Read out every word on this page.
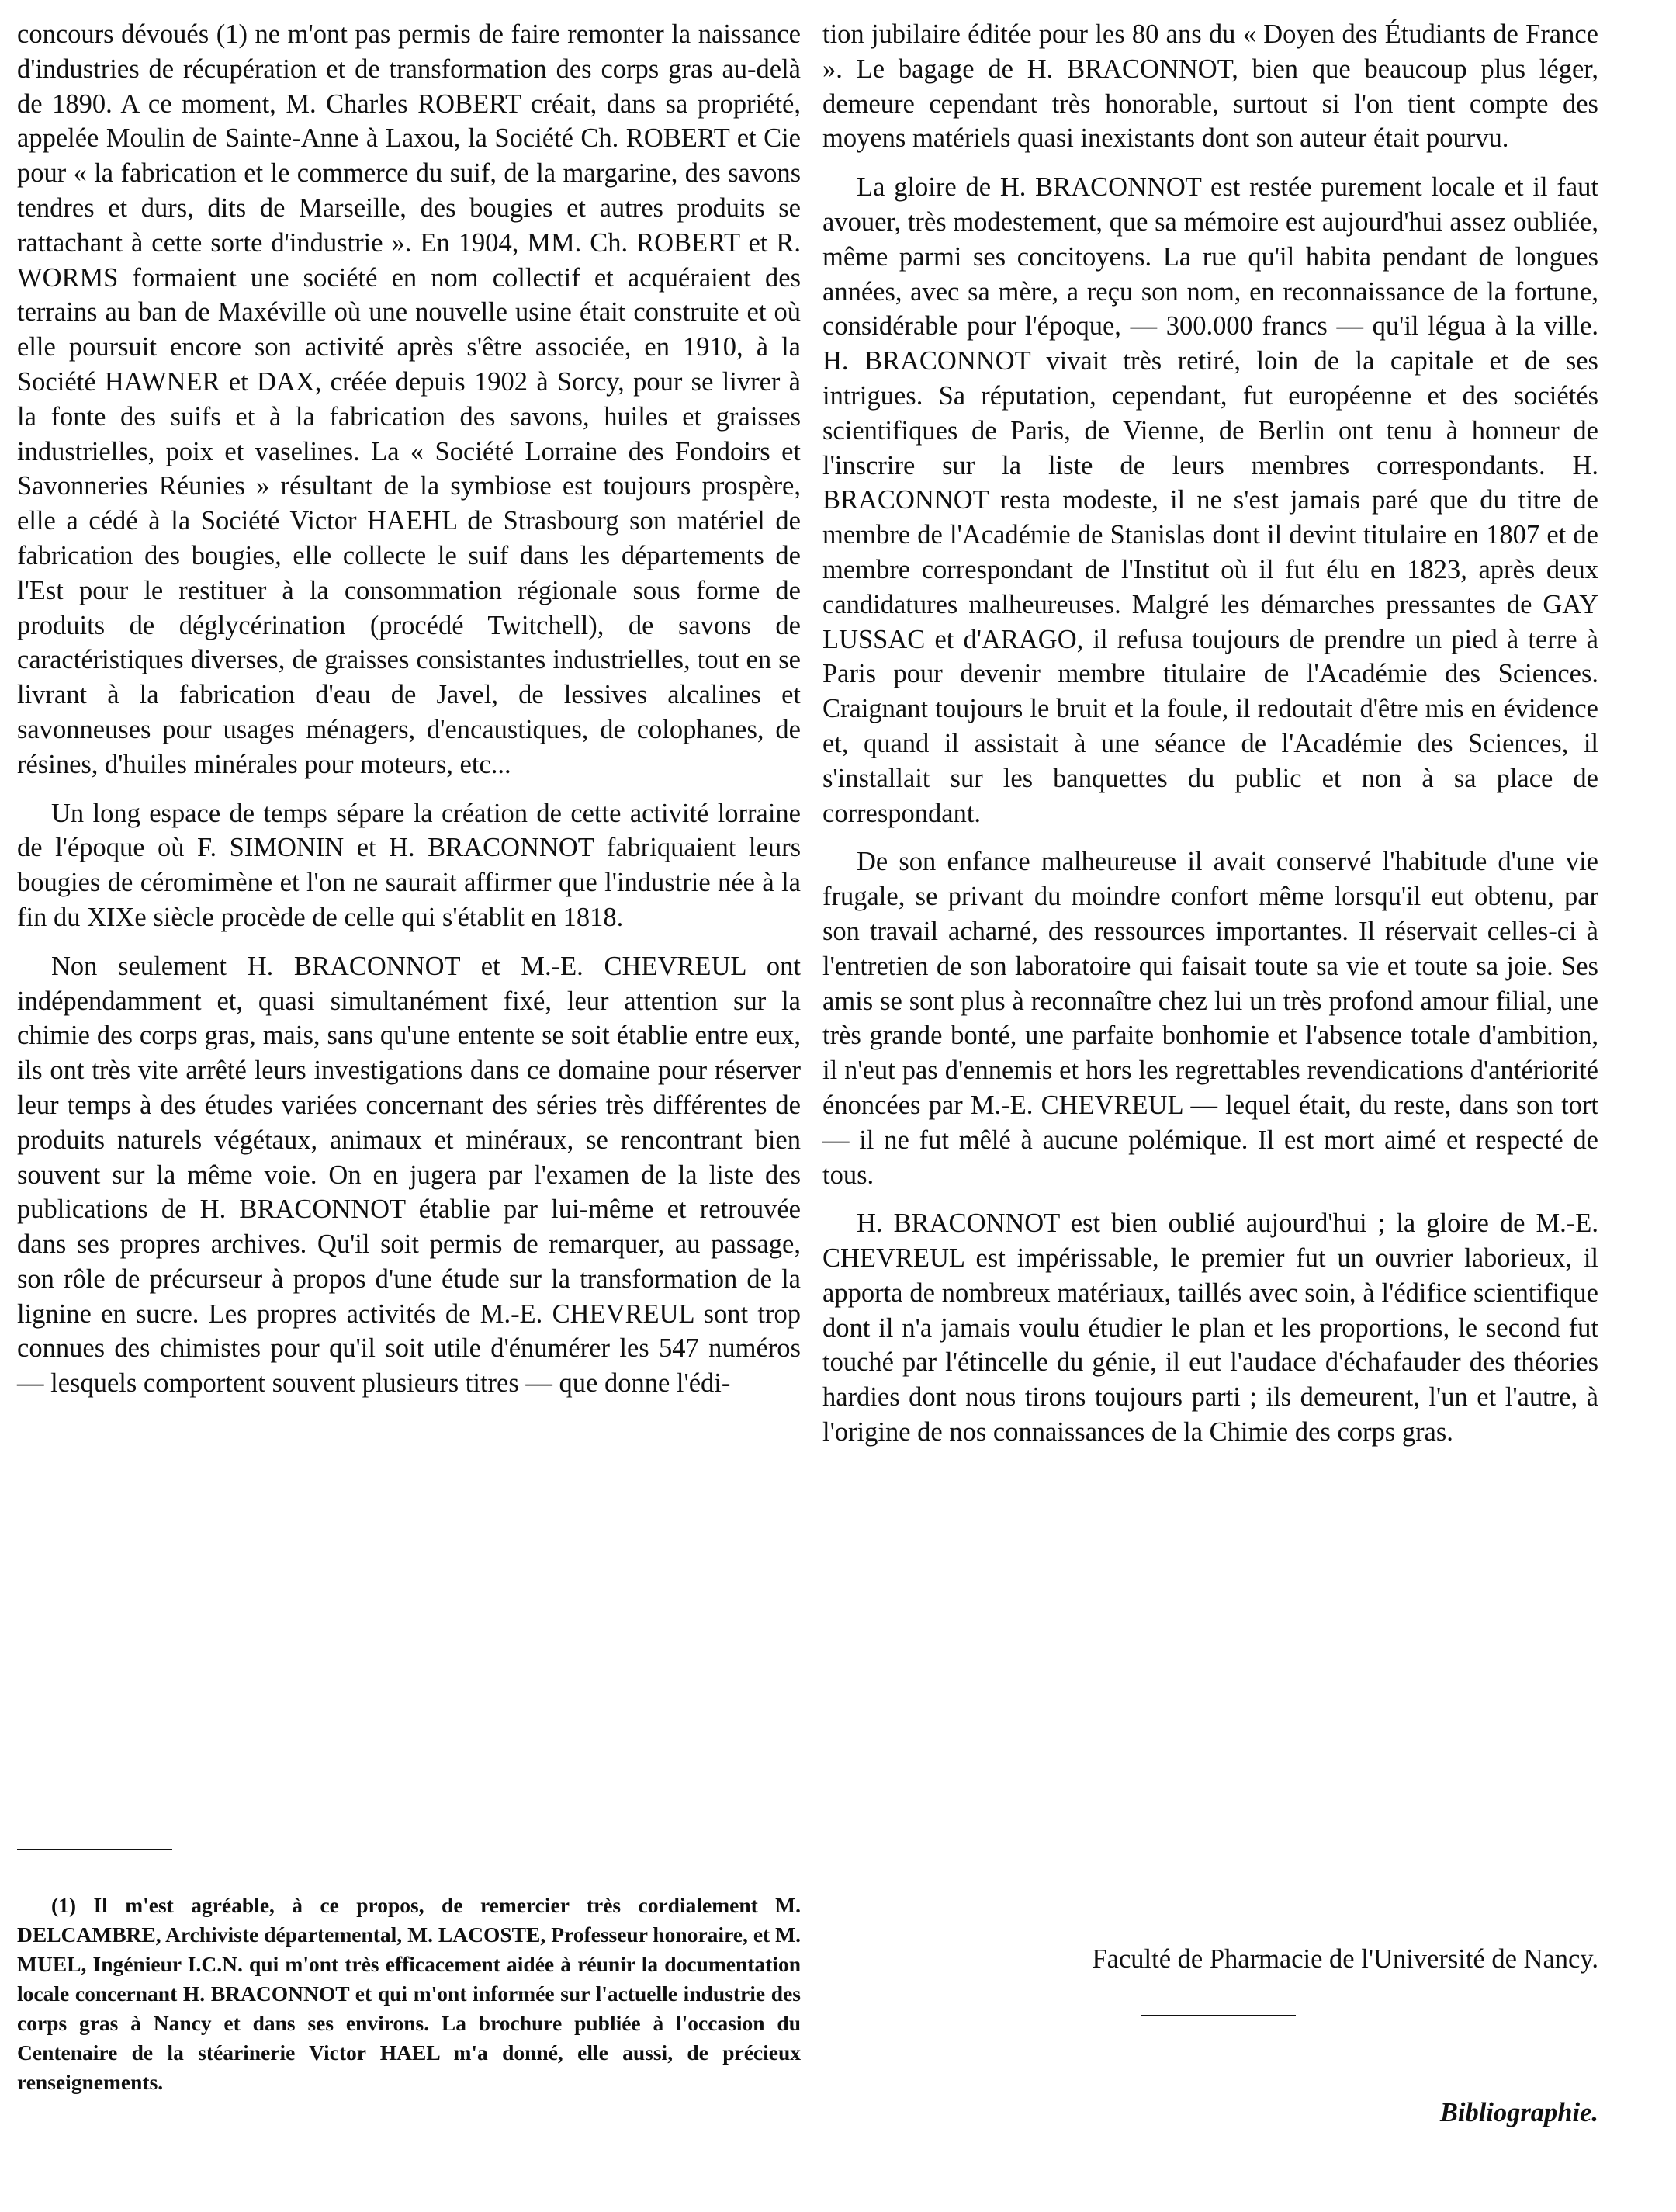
concours dévoués (1) ne m'ont pas permis de faire remonter la naissance d'industries de récupération et de transformation des corps gras au-delà de 1890. A ce moment, M. Charles ROBERT créait, dans sa propriété, appelée Moulin de Sainte-Anne à Laxou, la Société Ch. ROBERT et Cie pour « la fabrication et le commerce du suif, de la margarine, des savons tendres et durs, dits de Marseille, des bougies et autres produits se rattachant à cette sorte d'industrie ». En 1904, MM. Ch. ROBERT et R. WORMS formaient une société en nom collectif et acquéraient des terrains au ban de Maxéville où une nouvelle usine était construite et où elle poursuit encore son activité après s'être associée, en 1910, à la Société HAWNER et DAX, créée depuis 1902 à Sorcy, pour se livrer à la fonte des suifs et à la fabrication des savons, huiles et graisses industrielles, poix et vaselines. La « Société Lorraine des Fondoirs et Savonneries Réunies » résultant de la symbiose est toujours prospère, elle a cédé à la Société Victor HAEHL de Strasbourg son matériel de fabrication des bougies, elle collecte le suif dans les départements de l'Est pour le restituer à la consommation régionale sous forme de produits de déglycérination (procédé Twitchell), de savons de caractéristiques diverses, de graisses consistantes industrielles, tout en se livrant à la fabrication d'eau de Javel, de lessives alcalines et savonneuses pour usages ménagers, d'encaustiques, de colophanes, de résines, d'huiles minérales pour moteurs, etc...

Un long espace de temps sépare la création de cette activité lorraine de l'époque où F. SIMONIN et H. BRACONNOT fabriquaient leurs bougies de céromimène et l'on ne saurait affirmer que l'industrie née à la fin du XIXe siècle procède de celle qui s'établit en 1818.

Non seulement H. BRACONNOT et M.-E. CHEVREUL ont indépendamment et, quasi simultanément fixé, leur attention sur la chimie des corps gras, mais, sans qu'une entente se soit établie entre eux, ils ont très vite arrêté leurs investigations dans ce domaine pour réserver leur temps à des études variées concernant des séries très différentes de produits naturels végétaux, animaux et minéraux, se rencontrant bien souvent sur la même voie. On en jugera par l'examen de la liste des publications de H. BRACONNOT établie par lui-même et retrouvée dans ses propres archives. Qu'il soit permis de remarquer, au passage, son rôle de précurseur à propos d'une étude sur la transformation de la lignine en sucre. Les propres activités de M.-E. CHEVREUL sont trop connues des chimistes pour qu'il soit utile d'énumérer les 547 numéros — lesquels comportent souvent plusieurs titres — que donne l'édi-

(1) Il m'est agréable, à ce propos, de remercier très cordialement M. DELCAMBRE, Archiviste départemental, M. LACOSTE, Professeur honoraire, et M. MUEL, Ingénieur I.C.N. qui m'ont très efficacement aidée à réunir la documentation locale concernant H. BRACONNOT et qui m'ont informée sur l'actuelle industrie des corps gras à Nancy et dans ses environs. La brochure publiée à l'occasion du Centenaire de la stéarinerie Victor HAEL m'a donné, elle aussi, de précieux renseignements.

tion jubilaire éditée pour les 80 ans du « Doyen des Étudiants de France ». Le bagage de H. BRACONNOT, bien que beaucoup plus léger, demeure cependant très honorable, surtout si l'on tient compte des moyens matériels quasi inexistants dont son auteur était pourvu.

La gloire de H. BRACONNOT est restée purement locale et il faut avouer, très modestement, que sa mémoire est aujourd'hui assez oubliée, même parmi ses concitoyens. La rue qu'il habita pendant de longues années, avec sa mère, a reçu son nom, en reconnaissance de la fortune, considérable pour l'époque, — 300.000 francs — qu'il légua à la ville. H. BRACONNOT vivait très retiré, loin de la capitale et de ses intrigues. Sa réputation, cependant, fut européenne et des sociétés scientifiques de Paris, de Vienne, de Berlin ont tenu à honneur de l'inscrire sur la liste de leurs membres correspondants. H. BRACONNOT resta modeste, il ne s'est jamais paré que du titre de membre de l'Académie de Stanislas dont il devint titulaire en 1807 et de membre correspondant de l'Institut où il fut élu en 1823, après deux candidatures malheureuses. Malgré les démarches pressantes de GAY LUSSAC et d'ARAGO, il refusa toujours de prendre un pied à terre à Paris pour devenir membre titulaire de l'Académie des Sciences. Craignant toujours le bruit et la foule, il redoutait d'être mis en évidence et, quand il assistait à une séance de l'Académie des Sciences, il s'installait sur les banquettes du public et non à sa place de correspondant.

De son enfance malheureuse il avait conservé l'habitude d'une vie frugale, se privant du moindre confort même lorsqu'il eut obtenu, par son travail acharné, des ressources importantes. Il réservait celles-ci à l'entretien de son laboratoire qui faisait toute sa vie et toute sa joie. Ses amis se sont plus à reconnaître chez lui un très profond amour filial, une très grande bonté, une parfaite bonhomie et l'absence totale d'ambition, il n'eut pas d'ennemis et hors les regrettables revendications d'antériorité énoncées par M.-E. CHEVREUL — lequel était, du reste, dans son tort — il ne fut mêlé à aucune polémique. Il est mort aimé et respecté de tous.

H. BRACONNOT est bien oublié aujourd'hui ; la gloire de M.-E. CHEVREUL est impérissable, le premier fut un ouvrier laborieux, il apporta de nombreux matériaux, taillés avec soin, à l'édifice scientifique dont il n'a jamais voulu étudier le plan et les proportions, le second fut touché par l'étincelle du génie, il eut l'audace d'échafauder des théories hardies dont nous tirons toujours parti ; ils demeurent, l'un et l'autre, à l'origine de nos connaissances de la Chimie des corps gras.

Faculté de Pharmacie de l'Université de Nancy.

Bibliographie.
